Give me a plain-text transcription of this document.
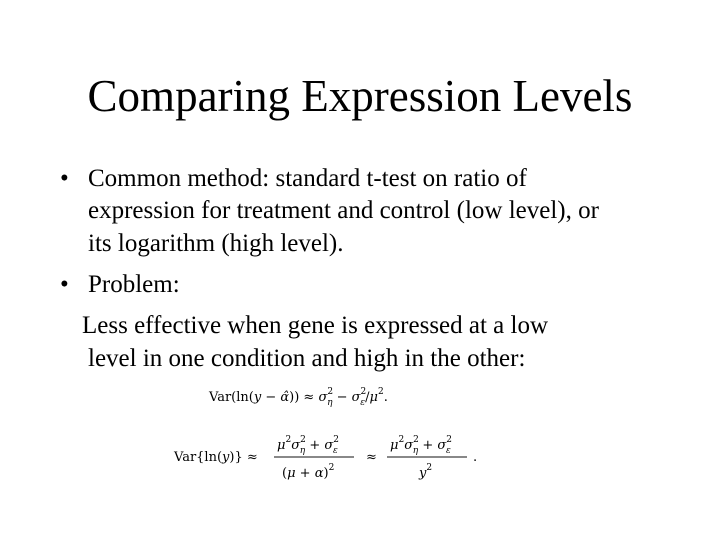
Comparing Expression Levels
• Common method: standard t-test on ratio of
expression for treatment and control (low level), or
its logarithm (high level).
• Problem:
Less effective when gene is expressed at a low
level in one condition and high in the other:
Var(ln(y − α̂)) ≈ $\sigma^2$ $\eta - \sigma^2$ $\varepsilon/\mu^2$.
Var{ln(y)} ≈
$\mu^2\sigma^2$ $\eta + \sigma^2$ ε
$(\mu + \alpha)^2$
≈
$\mu^2\sigma^2$ $\eta + \sigma^2$ ε
$y^2$
.
